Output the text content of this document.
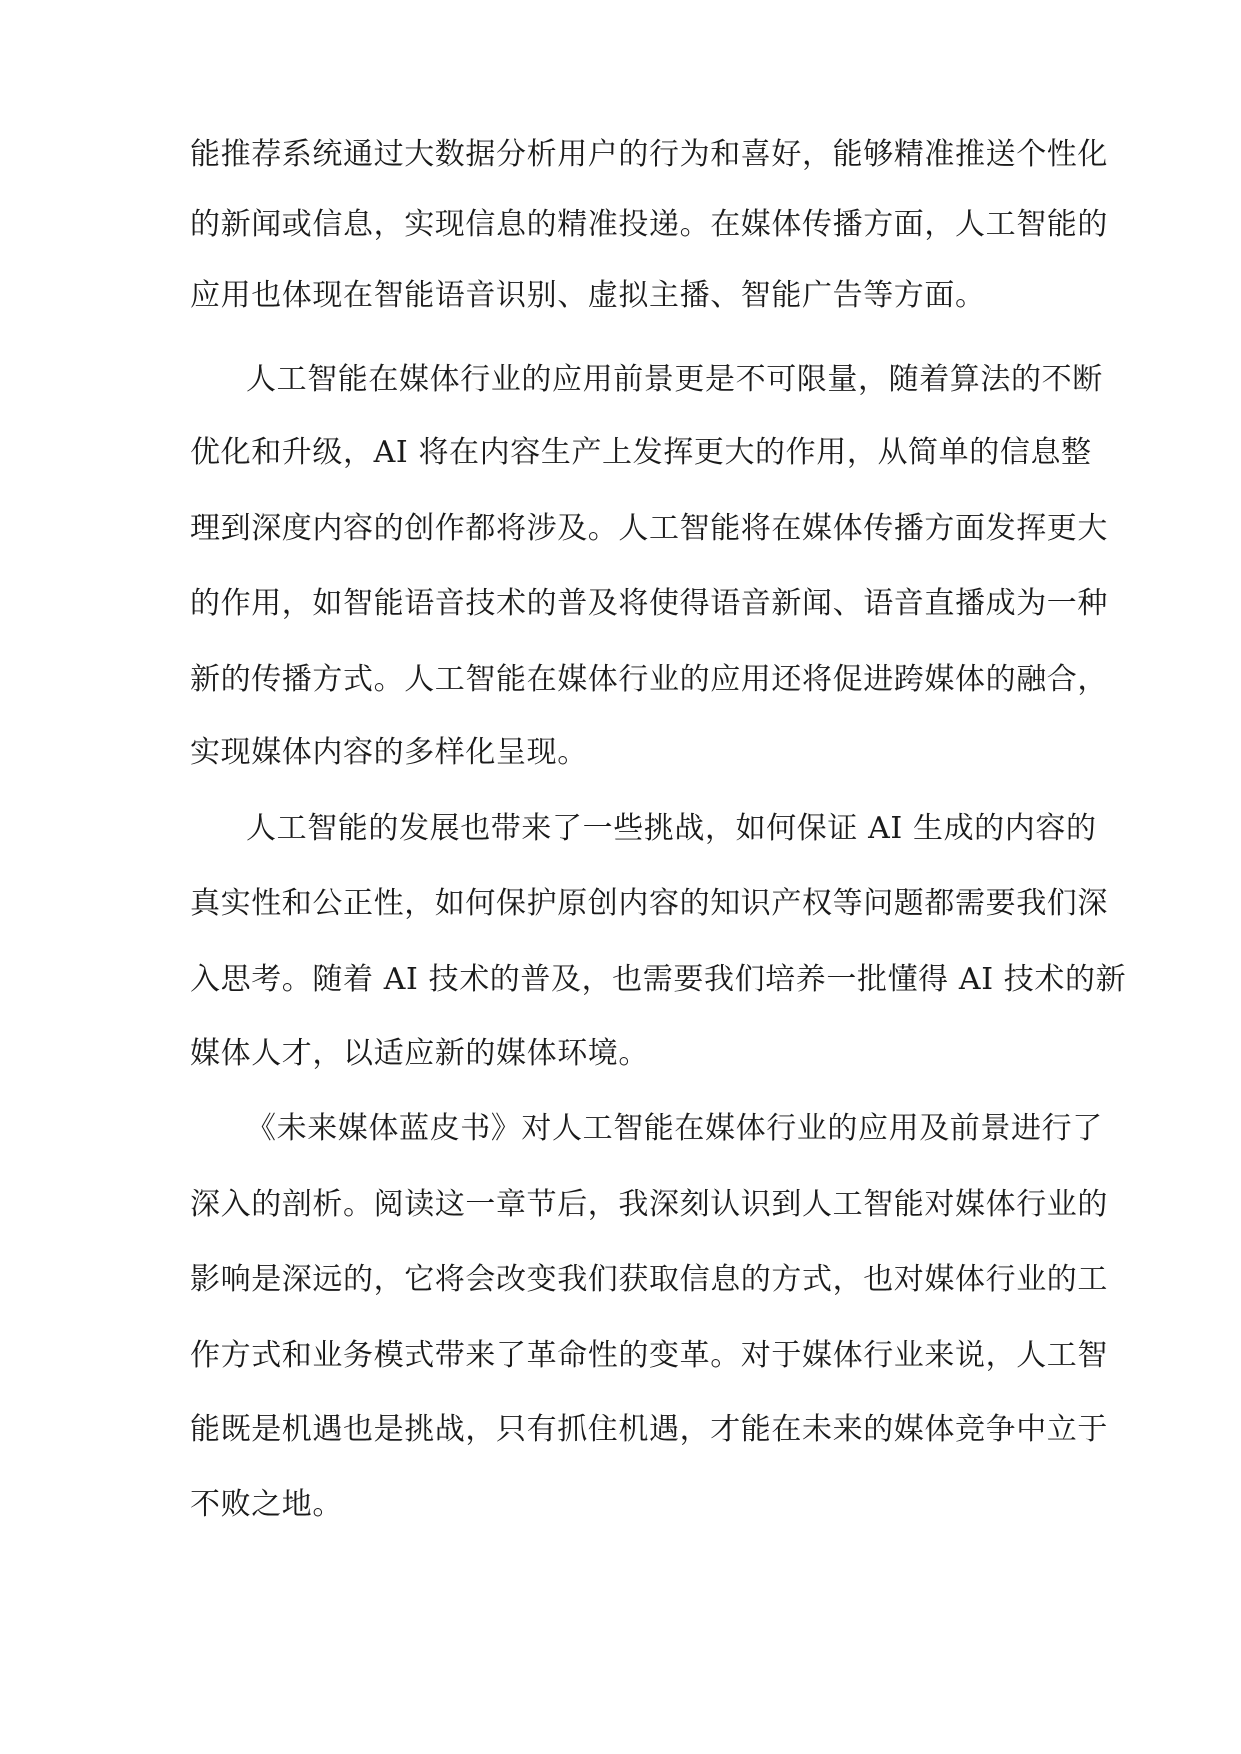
能推荐系统通过大数据分析用户的行为和喜好，能够精准推送个性化
的新闻或信息，实现信息的精准投递。在媒体传播方面，人工智能的
应用也体现在智能语音识别、虚拟主播、智能广告等方面。
人工智能在媒体行业的应用前景更是不可限量，随着算法的不断
优化和升级，AI 将在内容生产上发挥更大的作用，从简单的信息整
理到深度内容的创作都将涉及。人工智能将在媒体传播方面发挥更大
的作用，如智能语音技术的普及将使得语音新闻、语音直播成为一种
新的传播方式。人工智能在媒体行业的应用还将促进跨媒体的融合，
实现媒体内容的多样化呈现。
人工智能的发展也带来了一些挑战，如何保证 AI 生成的内容的
真实性和公正性，如何保护原创内容的知识产权等问题都需要我们深
入思考。随着 AI 技术的普及，也需要我们培养一批懂得 AI 技术的新
媒体人才，以适应新的媒体环境。
《未来媒体蓝皮书》对人工智能在媒体行业的应用及前景进行了
深入的剖析。阅读这一章节后，我深刻认识到人工智能对媒体行业的
影响是深远的，它将会改变我们获取信息的方式，也对媒体行业的工
作方式和业务模式带来了革命性的变革。对于媒体行业来说，人工智
能既是机遇也是挑战，只有抓住机遇，才能在未来的媒体竞争中立于
不败之地。
